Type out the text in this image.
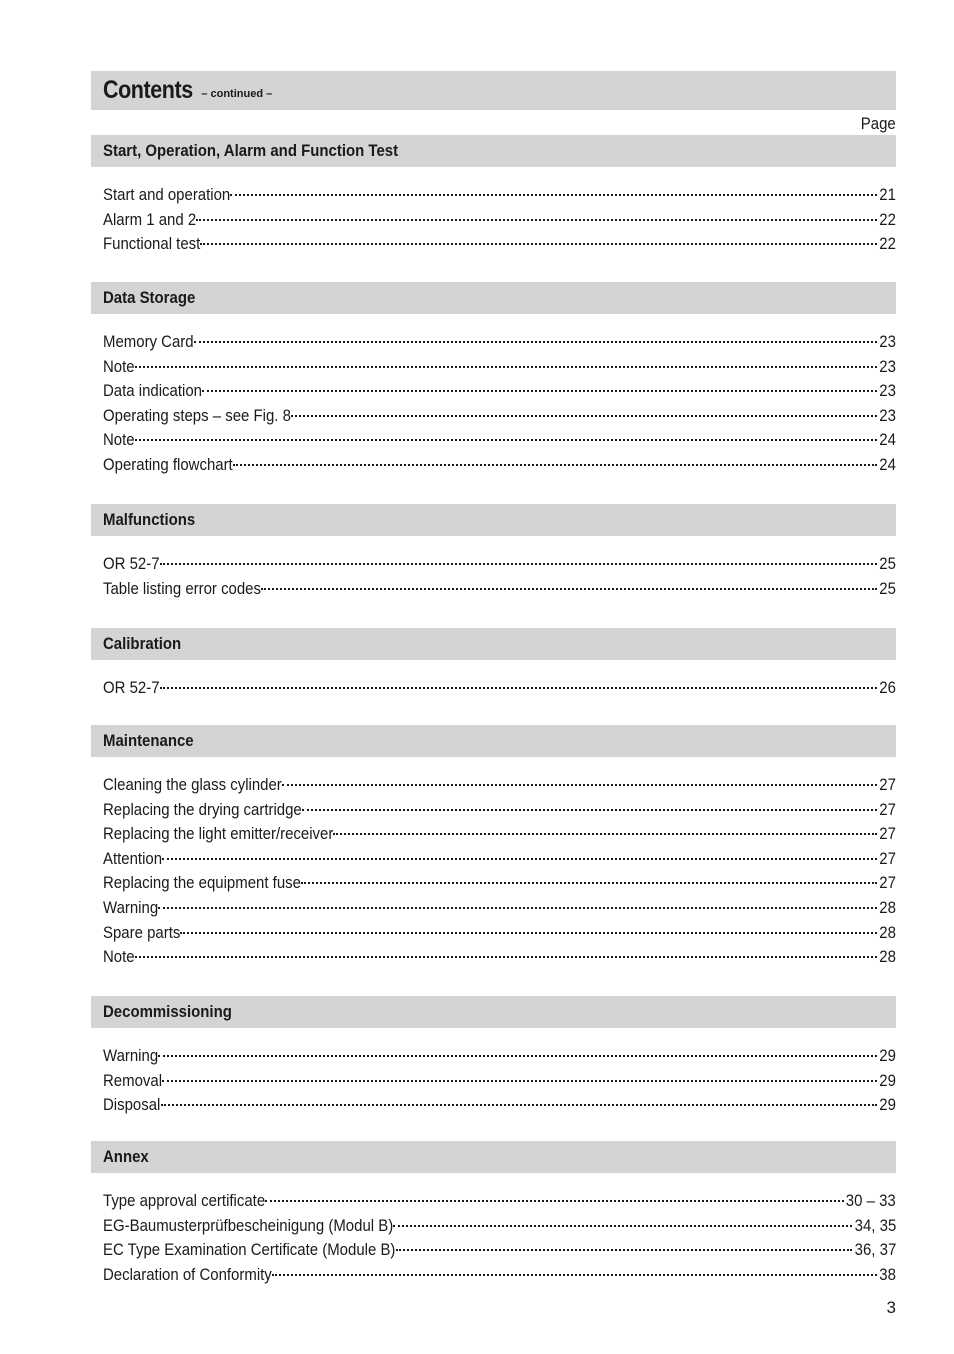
Contents – continued –
Page
Start, Operation, Alarm and Function Test
Start and operation	21
Alarm 1 and 2	22
Functional test	22
Data Storage
Memory Card	23
Note	23
Data indication	23
Operating steps – see Fig. 8	23
Note	24
Operating flowchart	24
Malfunctions
OR 52-7	25
Table listing error codes	25
Calibration
OR 52-7	26
Maintenance
Cleaning the glass cylinder	27
Replacing the drying cartridge	27
Replacing the light emitter/receiver	27
Attention	27
Replacing the equipment fuse	27
Warning	28
Spare parts	28
Note	28
Decommissioning
Warning	29
Removal	29
Disposal	29
Annex
Type approval certificate	30 – 33
EG-Baumusterprüfbescheinigung (Modul B)	34, 35
EC Type Examination Certificate (Module B)	36, 37
Declaration of Conformity	38
3
